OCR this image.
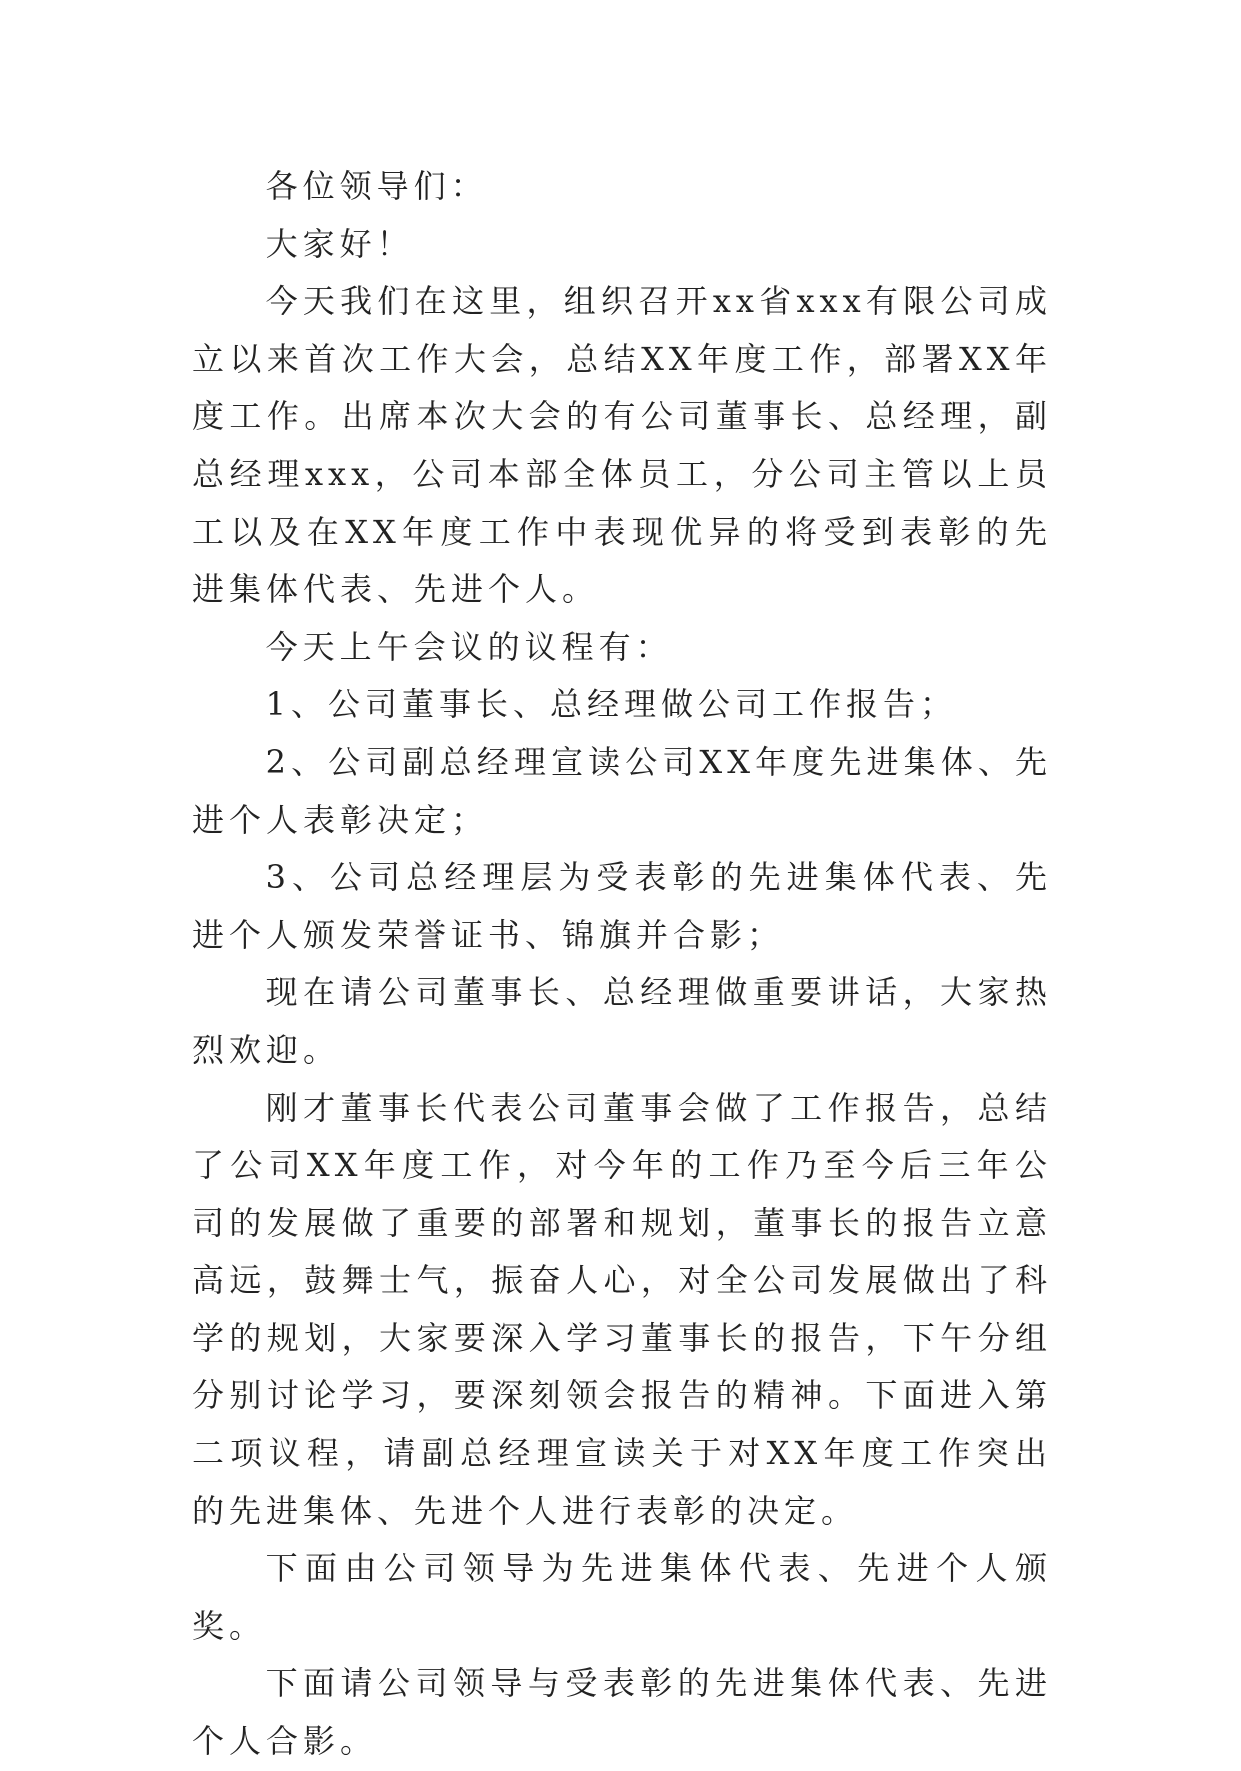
各位领导们：

大家好！

今天我们在这里，组织召开xx省xxx有限公司成立以来首次工作大会，总结XX年度工作，部署XX年度工作。出席本次大会的有公司董事长、总经理，副总经理xxx，公司本部全体员工，分公司主管以上员工以及在XX年度工作中表现优异的将受到表彰的先进集体代表、先进个人。

今天上午会议的议程有：

1、公司董事长、总经理做公司工作报告；

2、公司副总经理宣读公司XX年度先进集体、先进个人表彰决定；

3、公司总经理层为受表彰的先进集体代表、先进个人颁发荣誉证书、锦旗并合影；

现在请公司董事长、总经理做重要讲话，大家热烈欢迎。

刚才董事长代表公司董事会做了工作报告，总结了公司XX年度工作，对今年的工作乃至今后三年公司的发展做了重要的部署和规划，董事长的报告立意高远，鼓舞士气，振奋人心，对全公司发展做出了科学的规划，大家要深入学习董事长的报告，下午分组分别讨论学习，要深刻领会报告的精神。下面进入第二项议程，请副总经理宣读关于对XX年度工作突出的先进集体、先进个人进行表彰的决定。

下面由公司领导为先进集体代表、先进个人颁奖。

下面请公司领导与受表彰的先进集体代表、先进个人合影。
